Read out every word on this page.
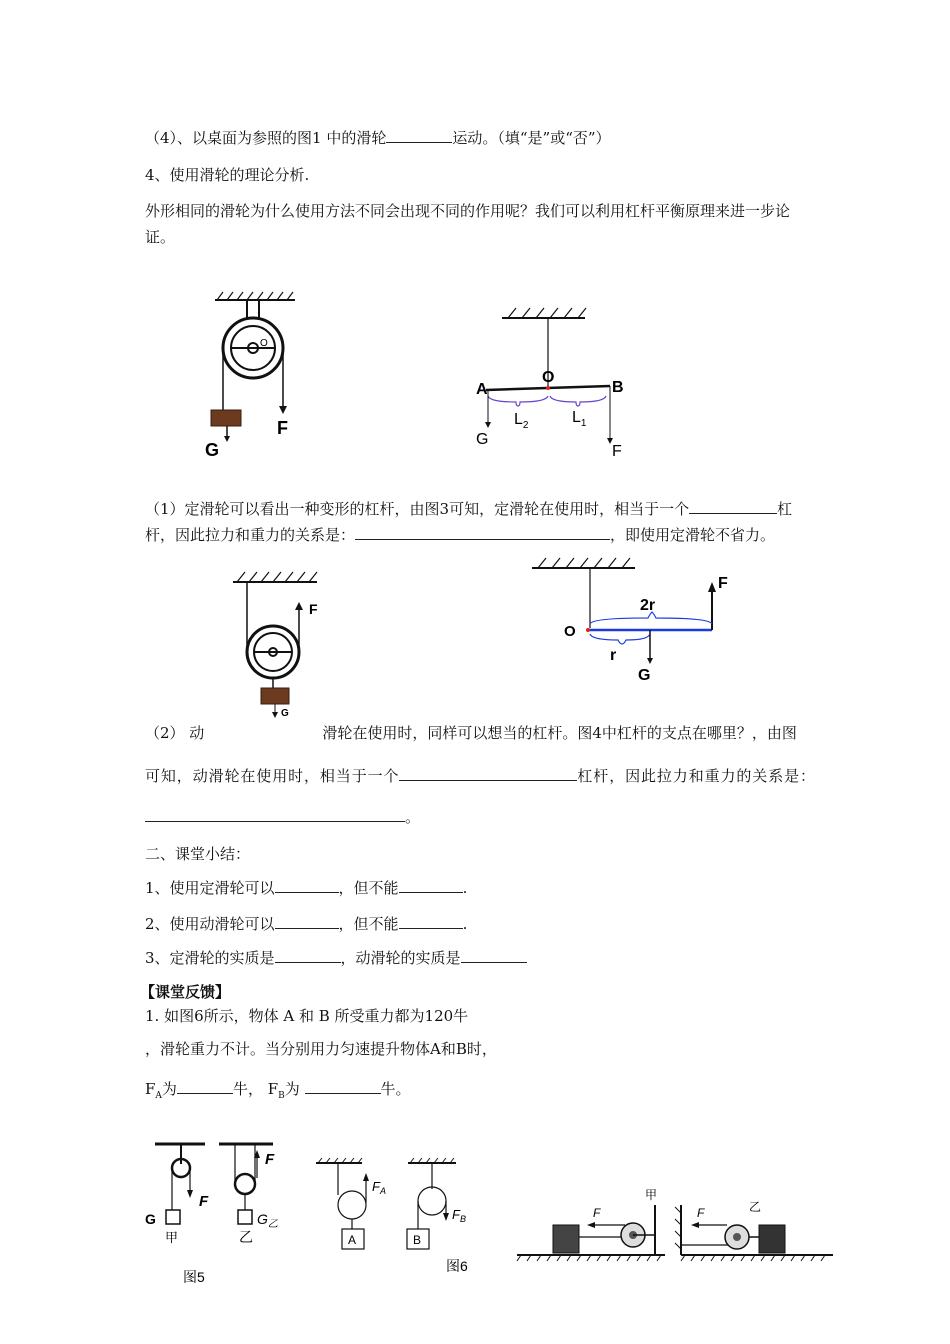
（4）、以桌面为参照的图1 中的滑轮	运动。（填“是”或“否”）
4、使用滑轮的理论分析.
外形相同的滑轮为什么使用方法不同会出现不同的作用呢？我们可以利用杠杆平衡原理来进一步论
证。
O
G
F
O
A	B
$L_2$	$L_1$
G
F
（1）定滑轮可以看出一种变形的杠杆，由图3可知，定滑轮在使用时，相当于一个	杠
杆，因此拉力和重力的关系是：	，即使用定滑轮不省力。
F
G
O
F
2r
r
G
（2） 动	滑轮在使用时，同样可以想当的杠杆。图4中杠杆的支点在哪里？，由图
可知，动滑轮在使用时，相当于一个	杠杆，因此拉力和重力的关系是：
。
二、课堂小结：
1、使用定滑轮可以	，但不能	.
2、使用动滑轮可以	，但不能	.
3、定滑轮的实质是	，动滑轮的实质是
【课堂反馈】
1. 如图6所示，物体 A 和 B 所受重力都为120牛
，滑轮重力不计。当分别用力匀速提升物体A和B时，
$F_A$为	牛， $F_B$为	牛。
F
G
甲
F
$G_乙$
乙
图5
$F_A$
A
$F_B$
B
图6
F
甲
F	乙
